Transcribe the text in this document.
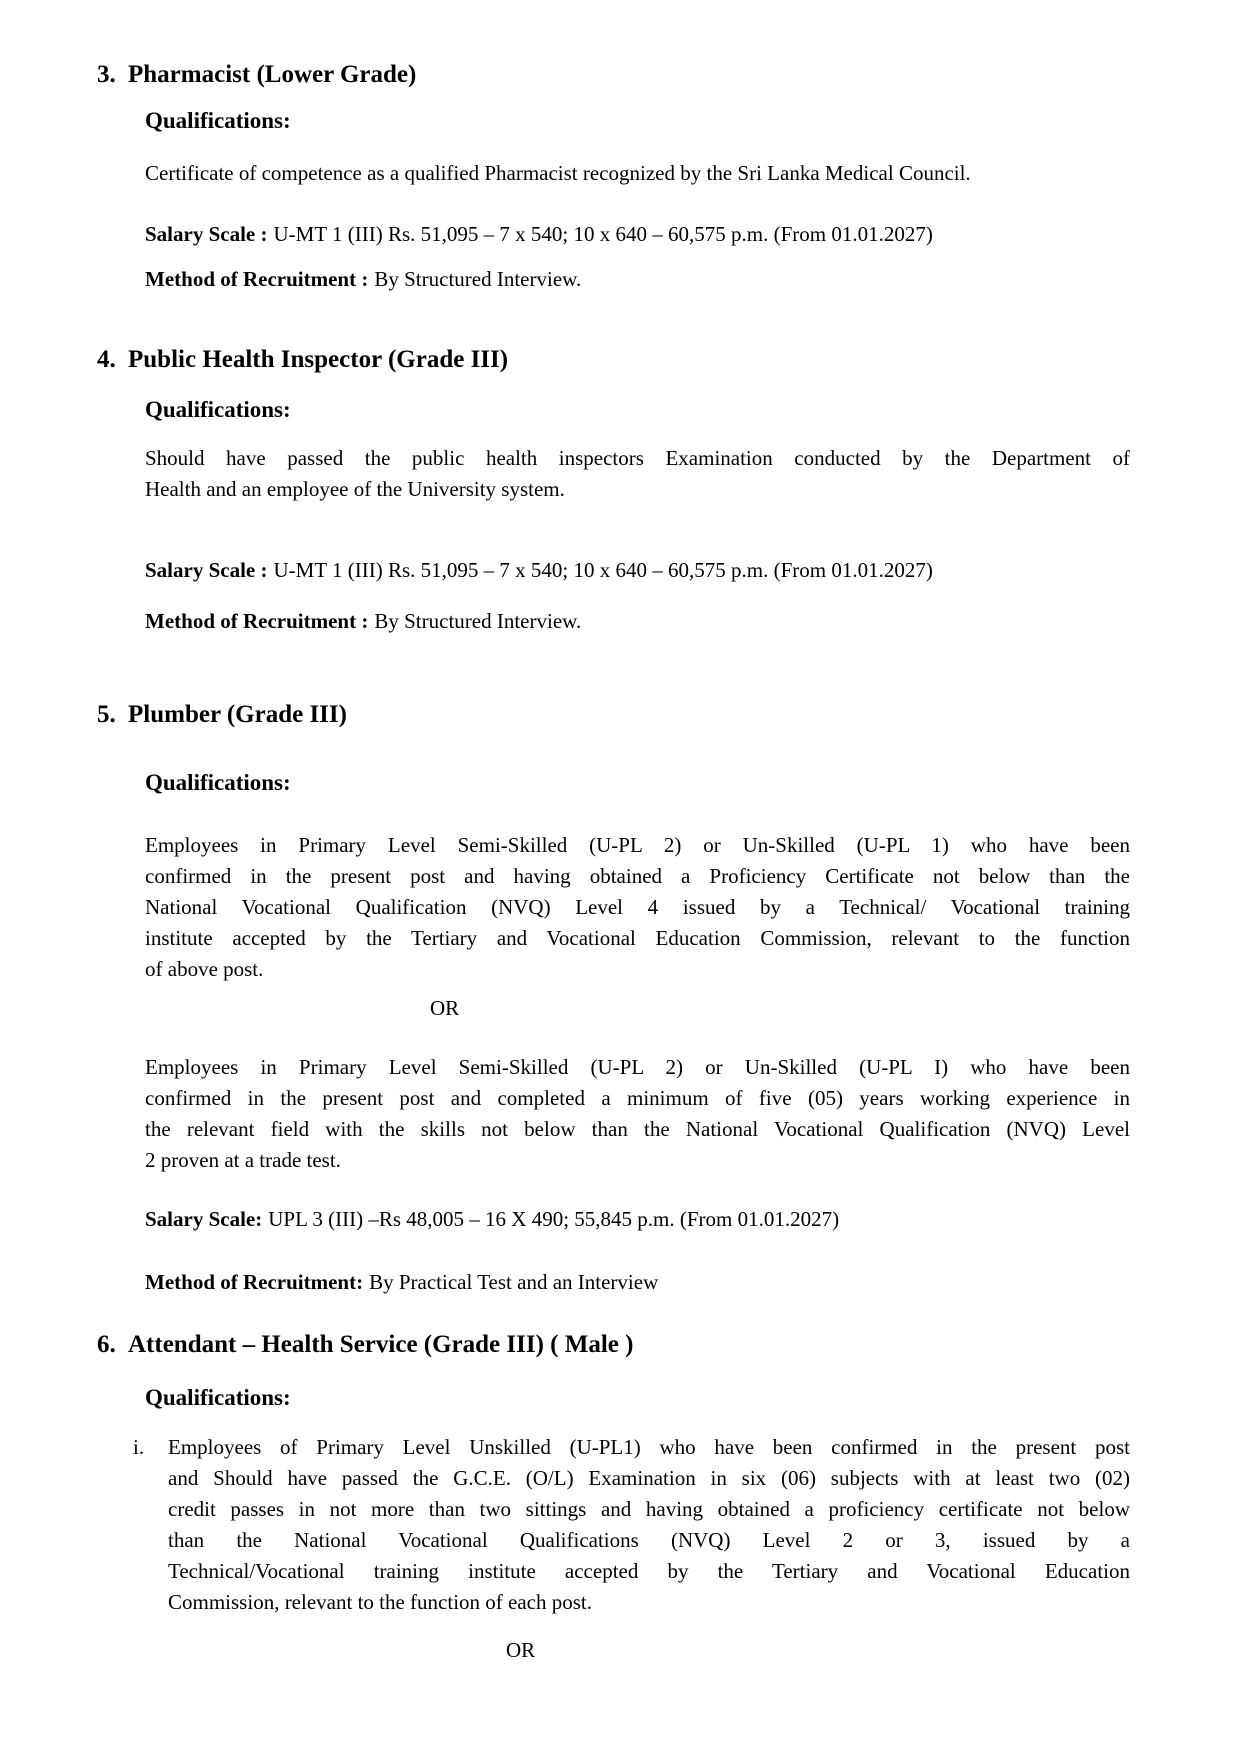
3. Pharmacist (Lower Grade)
Qualifications:
Certificate of competence as a qualified Pharmacist recognized by the Sri Lanka Medical Council.
Salary Scale : U-MT 1 (III) Rs. 51,095 – 7 x 540; 10 x 640 – 60,575 p.m. (From 01.01.2027)
Method of Recruitment : By Structured Interview.
4. Public Health Inspector (Grade III)
Qualifications:
Should have passed the public health inspectors Examination conducted by the Department of
Health and an employee of the University system.
Salary Scale : U-MT 1 (III) Rs. 51,095 – 7 x 540; 10 x 640 – 60,575 p.m. (From 01.01.2027)
Method of Recruitment : By Structured Interview.
5. Plumber (Grade III)
Qualifications:
Employees in Primary Level Semi-Skilled (U-PL 2) or Un-Skilled (U-PL 1) who have been
confirmed in the present post and having obtained a Proficiency Certificate not below than the
National Vocational Qualification (NVQ) Level 4 issued by a Technical/ Vocational training
institute accepted by the Tertiary and Vocational Education Commission, relevant to the function
of above post.
OR
Employees in Primary Level Semi-Skilled (U-PL 2) or Un-Skilled (U-PL I) who have been
confirmed in the present post and completed a minimum of five (05) years working experience in
the relevant field with the skills not below than the National Vocational Qualification (NVQ) Level
2 proven at a trade test.
Salary Scale: UPL 3 (III) –Rs 48,005 – 16 X 490; 55,845 p.m. (From 01.01.2027)
Method of Recruitment: By Practical Test and an Interview
6. Attendant – Health Service (Grade III) ( Male )
Qualifications:
i.	Employees of Primary Level Unskilled (U-PL1) who have been confirmed in the present post
and Should have passed the G.C.E. (O/L) Examination in six (06) subjects with at least two (02)
credit passes in not more than two sittings and having obtained a proficiency certificate not below
than the National Vocational Qualifications (NVQ) Level 2 or 3, issued by a
Technical/Vocational training institute accepted by the Tertiary and Vocational Education
Commission, relevant to the function of each post.
OR
